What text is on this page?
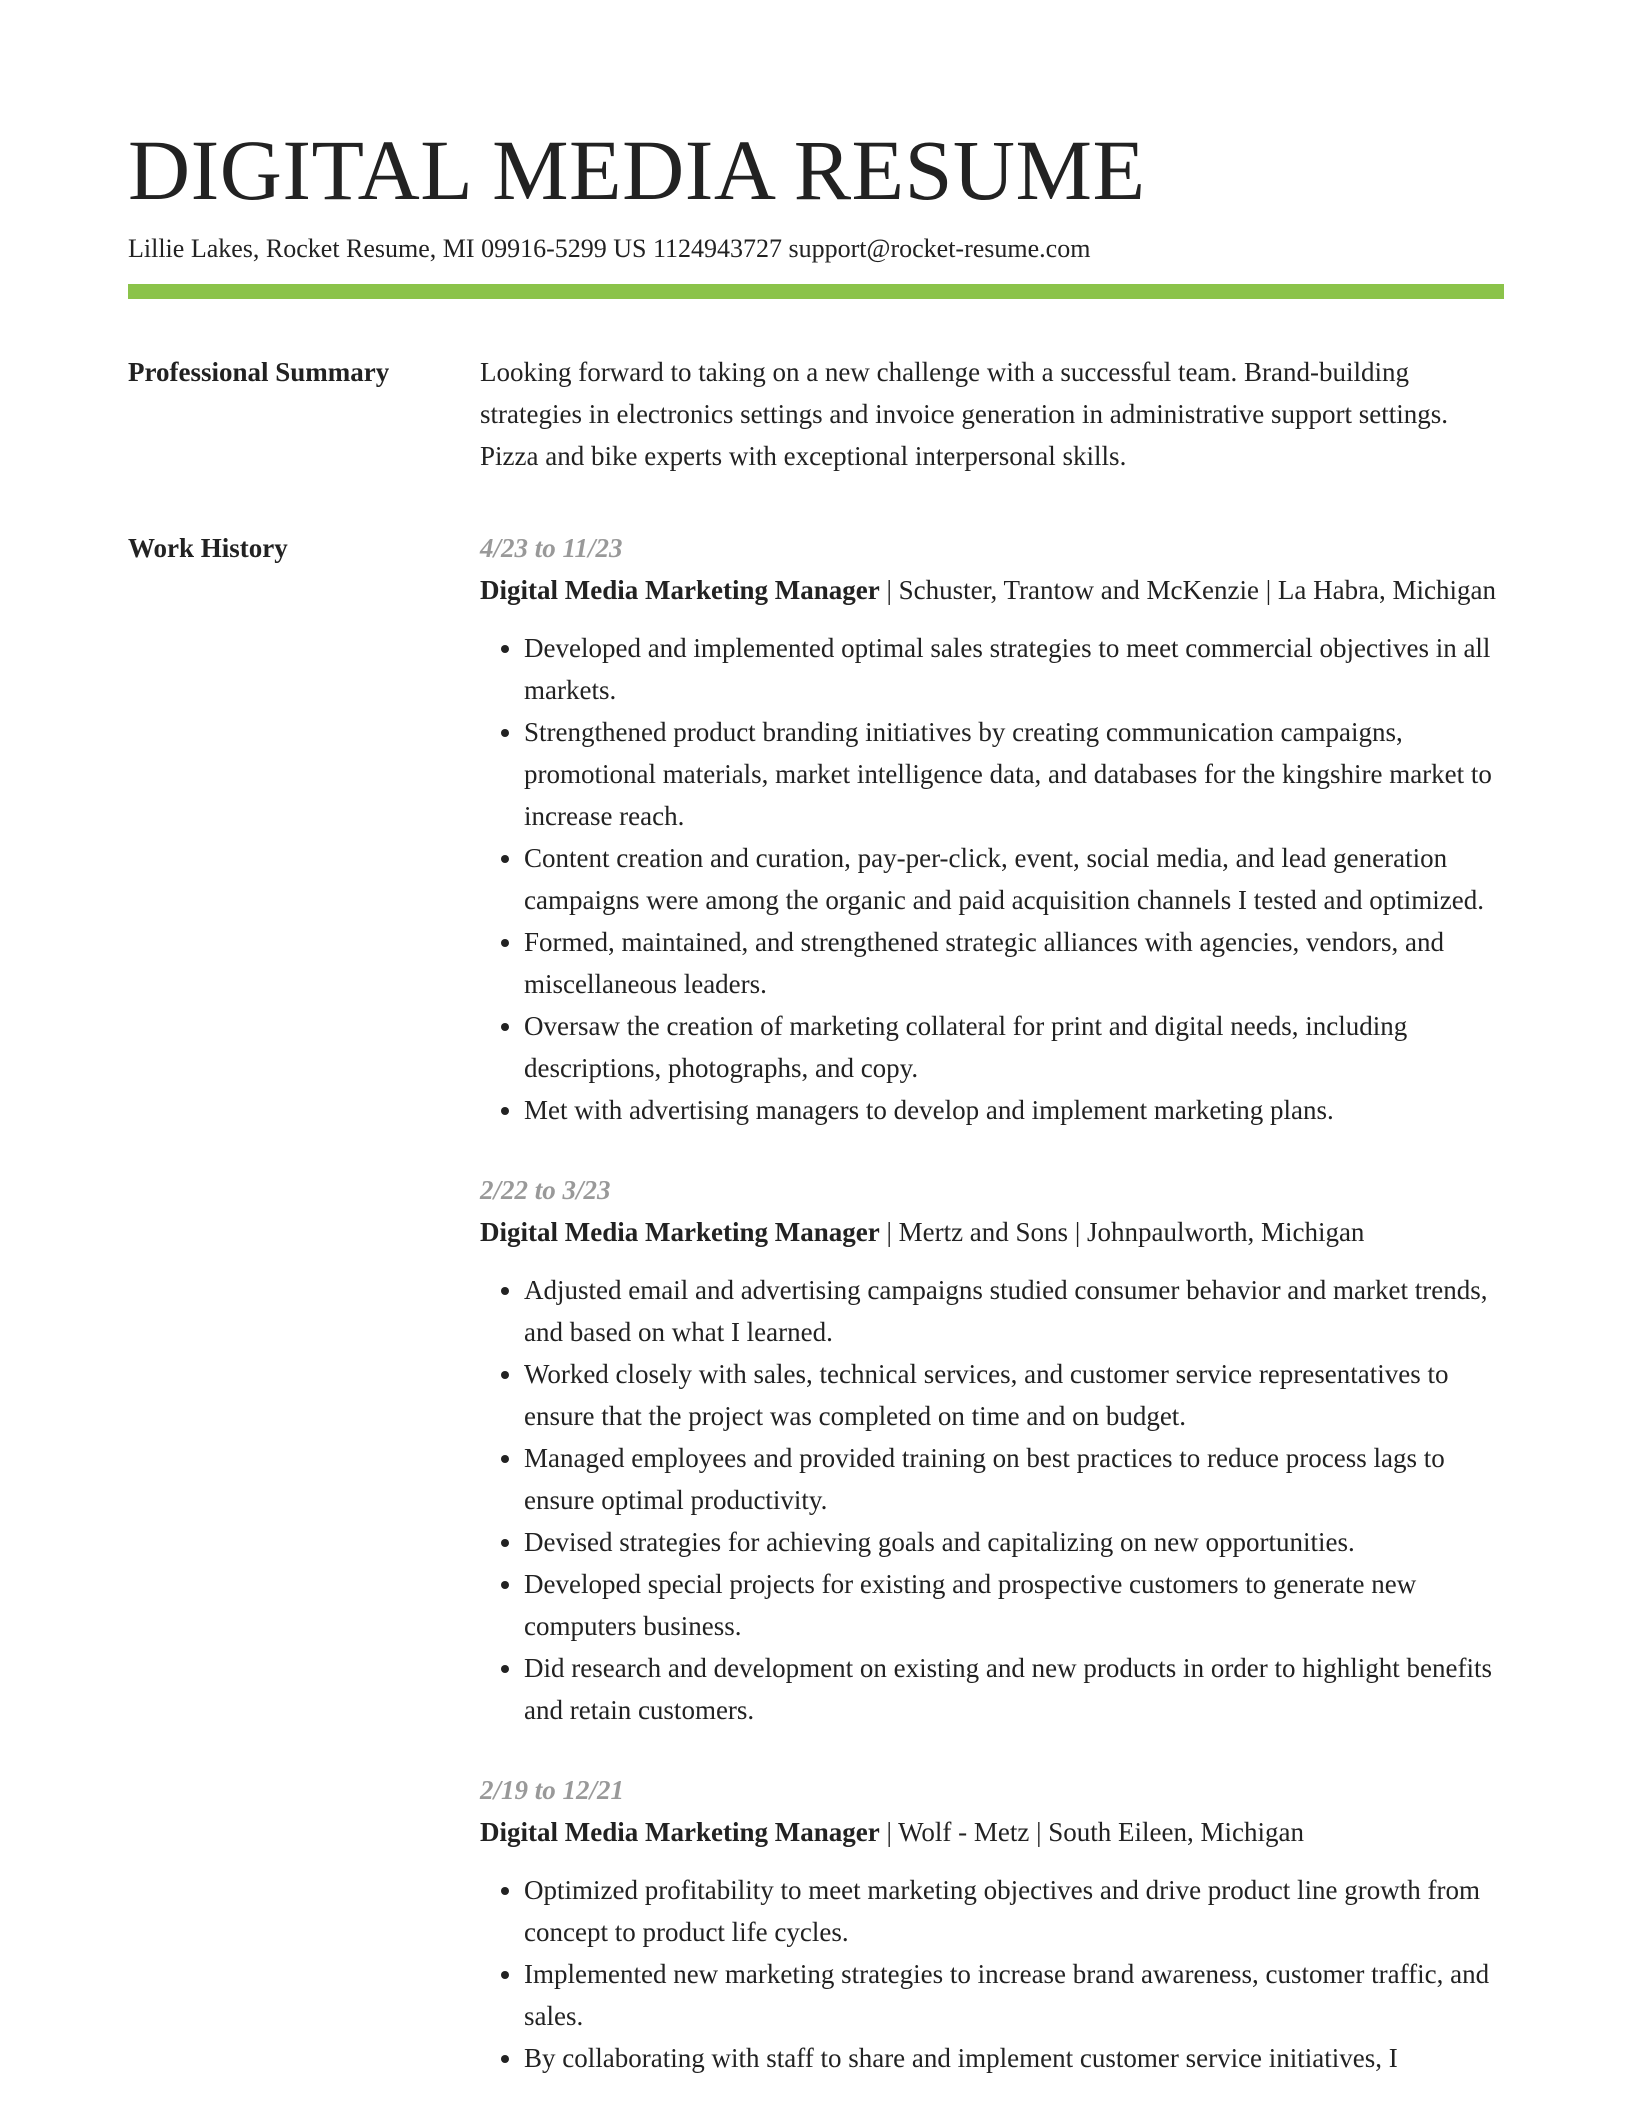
DIGITAL MEDIA RESUME
Lillie Lakes, Rocket Resume, MI 09916-5299 US 1124943727 support@rocket-resume.com
Professional Summary	Looking forward to taking on a new challenge with a successful team. Brand-building strategies in electronics settings and invoice generation in administrative support settings. Pizza and bike experts with exceptional interpersonal skills.

Work History	4/23 to 11/23
Digital Media Marketing Manager | Schuster, Trantow and McKenzie | La Habra, Michigan
• Developed and implemented optimal sales strategies to meet commercial objectives in all markets.
• Strengthened product branding initiatives by creating communication campaigns, promotional materials, market intelligence data, and databases for the kingshire market to increase reach.
• Content creation and curation, pay-per-click, event, social media, and lead generation campaigns were among the organic and paid acquisition channels I tested and optimized.
• Formed, maintained, and strengthened strategic alliances with agencies, vendors, and miscellaneous leaders.
• Oversaw the creation of marketing collateral for print and digital needs, including descriptions, photographs, and copy.
• Met with advertising managers to develop and implement marketing plans.
2/22 to 3/23
Digital Media Marketing Manager | Mertz and Sons | Johnpaulworth, Michigan
• Adjusted email and advertising campaigns studied consumer behavior and market trends, and based on what I learned.
• Worked closely with sales, technical services, and customer service representatives to ensure that the project was completed on time and on budget.
• Managed employees and provided training on best practices to reduce process lags to ensure optimal productivity.
• Devised strategies for achieving goals and capitalizing on new opportunities.
• Developed special projects for existing and prospective customers to generate new computers business.
• Did research and development on existing and new products in order to highlight benefits and retain customers.
2/19 to 12/21
Digital Media Marketing Manager | Wolf - Metz | South Eileen, Michigan
• Optimized profitability to meet marketing objectives and drive product line growth from concept to product life cycles.
• Implemented new marketing strategies to increase brand awareness, customer traffic, and sales.
• By collaborating with staff to share and implement customer service initiatives, I
